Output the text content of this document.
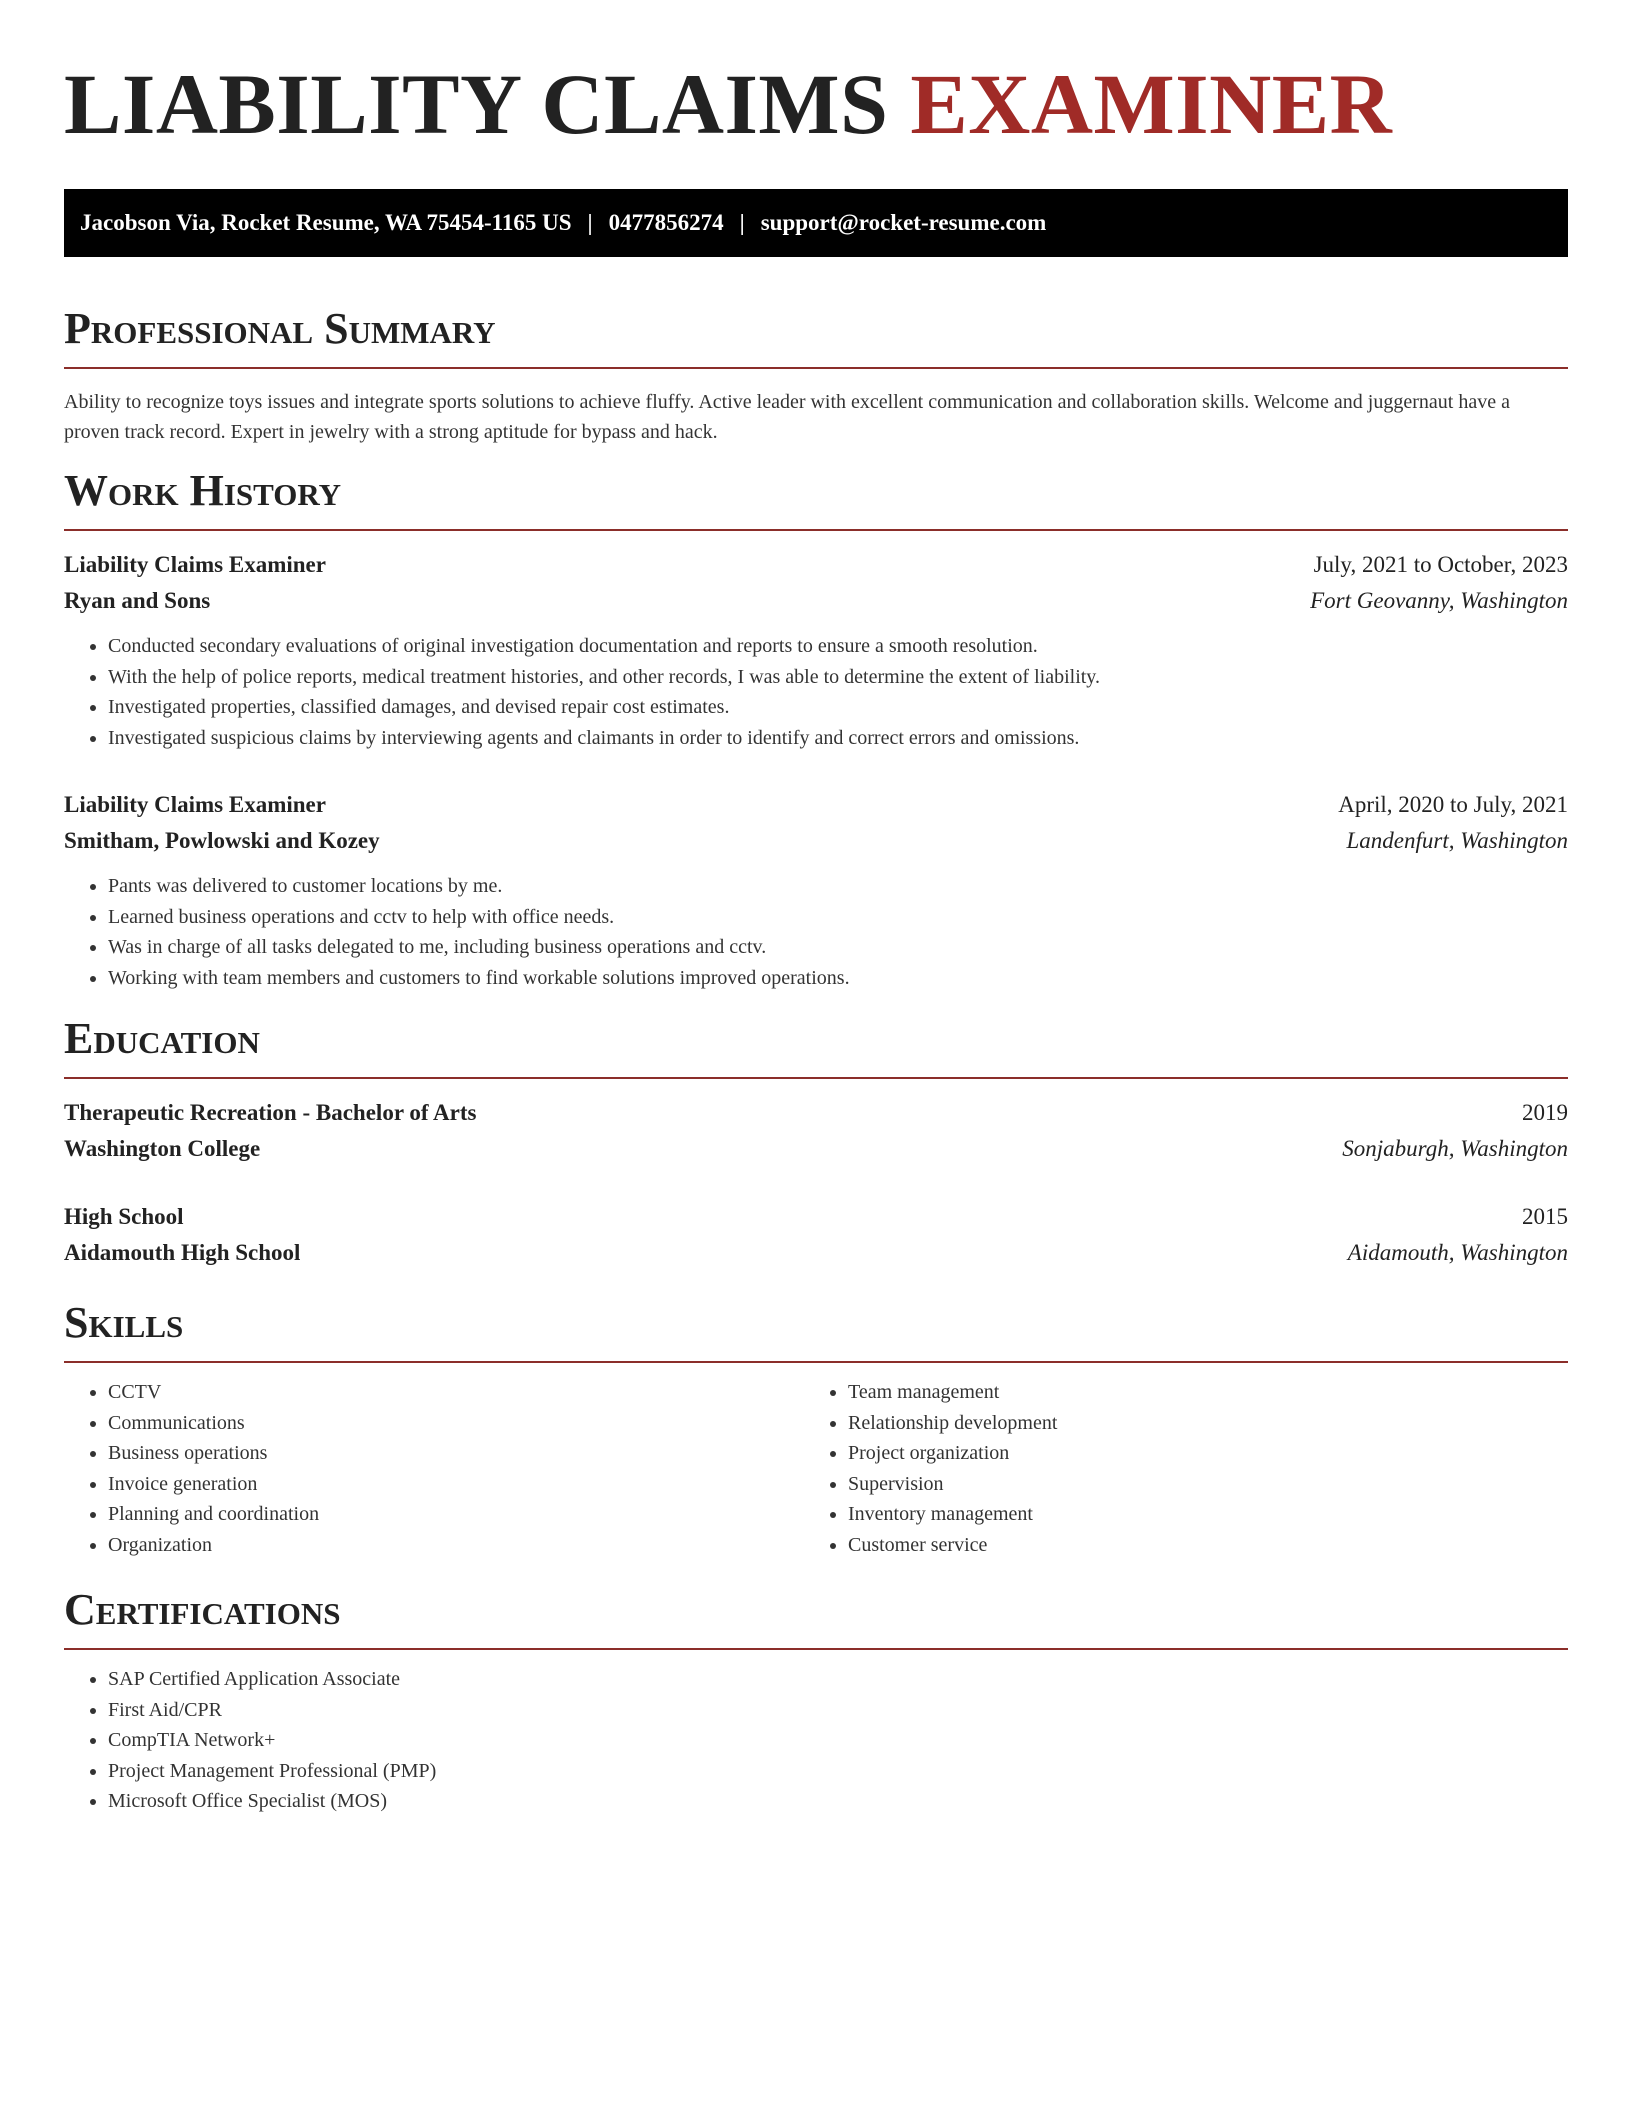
LIABILITY CLAIMS EXAMINER
Jacobson Via, Rocket Resume, WA 75454-1165 US | 0477856274 | support@rocket-resume.com
Professional Summary

Ability to recognize toys issues and integrate sports solutions to achieve fluffy. Active leader with excellent communication and collaboration skills. Welcome and juggernaut have a proven track record. Expert in jewelry with a strong aptitude for bypass and hack.

Work History
Liability Claims Examiner	July, 2021 to October, 2023
Ryan and Sons	Fort Geovanny, Washington
• Conducted secondary evaluations of original investigation documentation and reports to ensure a smooth resolution.
• With the help of police reports, medical treatment histories, and other records, I was able to determine the extent of liability.
• Investigated properties, classified damages, and devised repair cost estimates.
• Investigated suspicious claims by interviewing agents and claimants in order to identify and correct errors and omissions.
Liability Claims Examiner	April, 2020 to July, 2021
Smitham, Powlowski and Kozey	Landenfurt, Washington
• Pants was delivered to customer locations by me.
• Learned business operations and cctv to help with office needs.
• Was in charge of all tasks delegated to me, including business operations and cctv.
• Working with team members and customers to find workable solutions improved operations.
Education
Therapeutic Recreation - Bachelor of Arts	2019
Washington College	Sonjaburgh, Washington
High School	2015
Aidamouth High School	Aidamouth, Washington
Skills
• CCTV
• Communications
• Business operations
• Invoice generation
• Planning and coordination
• Organization
• Team management
• Relationship development
• Project organization
• Supervision
• Inventory management
• Customer service
Certifications
• SAP Certified Application Associate
• First Aid/CPR
• CompTIA Network+
• Project Management Professional (PMP)
• Microsoft Office Specialist (MOS)
